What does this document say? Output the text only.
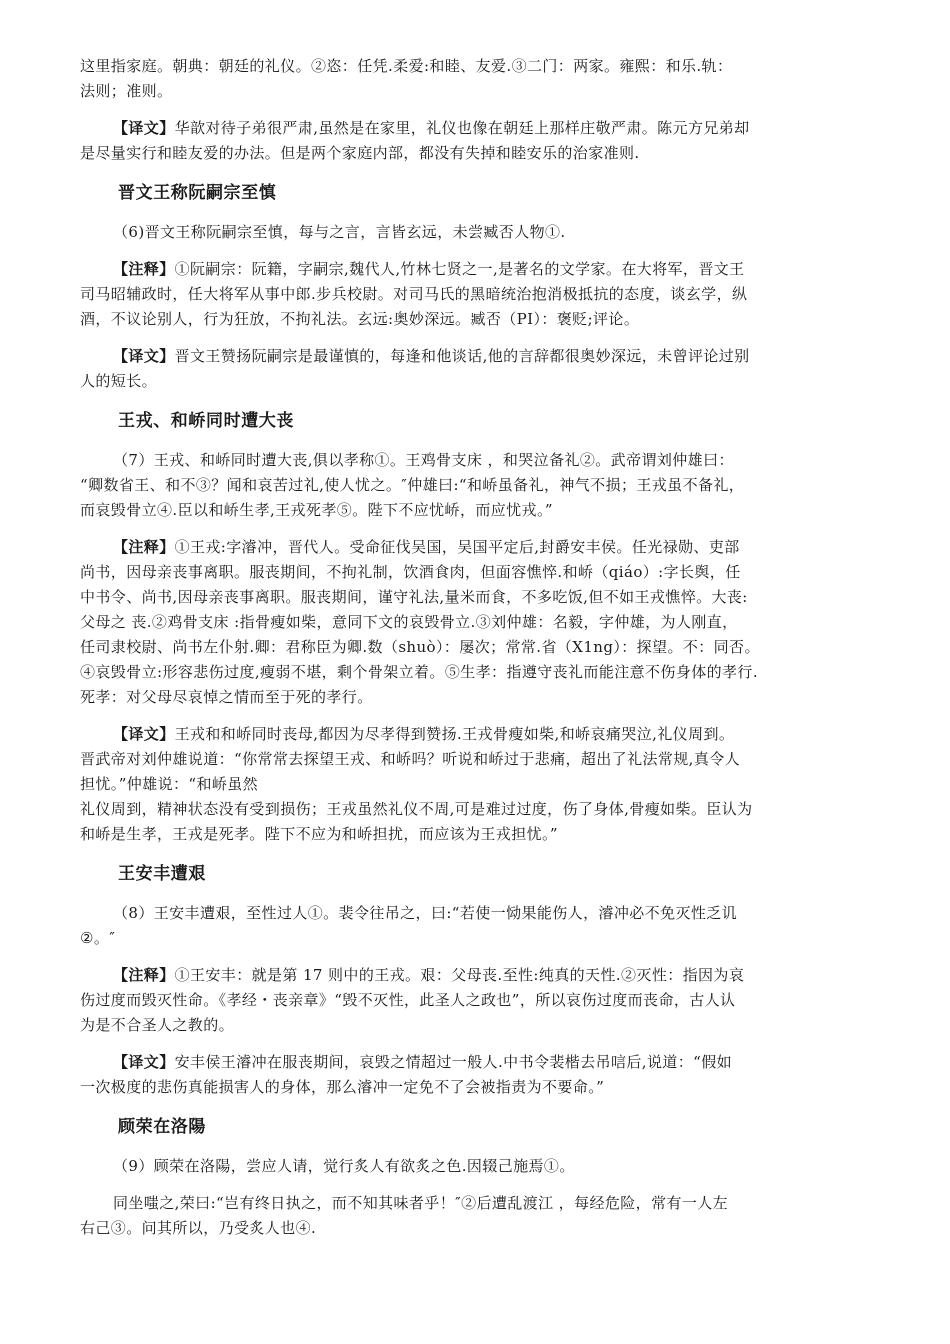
这里指家庭。朝典：朝廷的礼仪。②恣：任凭.柔爱:和睦、友爱.③二门：两家。雍熙：和乐.轨：

法则；准则。

【译文】华歆对待子弟很严肃,虽然是在家里，礼仪也像在朝廷上那样庄敬严肃。陈元方兄弟却

是尽量实行和睦友爱的办法。但是两个家庭内部，都没有失掉和睦安乐的治家准则.

晋文王称阮嗣宗至慎

（6)晋文王称阮嗣宗至慎，每与之言，言皆玄远，未尝臧否人物①.

【注释】①阮嗣宗：阮籍，字嗣宗,魏代人,竹林七贤之一,是著名的文学家。在大将军，晋文王

司马昭辅政时，任大将军从事中郎.步兵校尉。对司马氏的黑暗统治抱消极抵抗的态度，谈玄学，纵

酒，不议论别人，行为狂放，不拘礼法。玄远:奥妙深远。臧否（PI）：褒贬;评论。

【译文】晋文王赞扬阮嗣宗是最谨慎的，每逢和他谈话,他的言辞都很奥妙深远，未曾评论过别

人的短长。

王戎、和峤同时遭大丧

（7）王戎、和峤同时遭大丧,俱以孝称①。王鸡骨支床 ，和哭泣备礼②。武帝谓刘仲雄曰：

“卿数省王、和不③？闻和哀苦过礼,使人忧之。″仲雄曰:“和峤虽备礼，神气不损；王戎虽不备礼，

而哀毁骨立④.臣以和峤生孝,王戎死孝⑤。陛下不应忧峤，而应忧戎。”

【注释】①王戎:字濬冲，晋代人。受命征伐吴国，吴国平定后,封爵安丰侯。任光禄勋、吏部

尚书，因母亲丧事离职。服丧期间，不拘礼制，饮酒食肉，但面容憔悴.和峤（qiáo）:字长舆，任

中书令、尚书,因母亲丧事离职。服丧期间，谨守礼法,量米而食，不多吃饭,但不如王戎憔悴。大丧:

父母之 丧.②鸡骨支床 :指骨瘦如柴，意同下文的哀毁骨立.③刘仲雄：名毅，字仲雄，为人刚直，

任司隶校尉、尚书左仆射.卿：君称臣为卿.数（shuò）：屡次；常常.省（X1ng）：探望。不：同否。

④哀毁骨立:形容悲伤过度,瘦弱不堪，剩个骨架立着。⑤生孝：指遵守丧礼而能注意不伤身体的孝行.

死孝：对父母尽哀悼之情而至于死的孝行。

【译文】王戎和和峤同时丧母,都因为尽孝得到赞扬.王戎骨瘦如柴,和峤哀痛哭泣,礼仪周到。

晋武帝对刘仲雄说道：“你常常去探望王戎、和峤吗？听说和峤过于悲痛，超出了礼法常规,真令人

担忧。”仲雄说：“和峤虽然

礼仪周到，精神状态没有受到损伤；王戎虽然礼仪不周,可是难过过度，伤了身体,骨瘦如柴。臣认为

和峤是生孝，王戎是死孝。陛下不应为和峤担扰，而应该为王戎担忧。”

王安丰遭艰

（8）王安丰遭艰，至性过人①。裴令往吊之，曰:“若使一恸果能伤人，濬冲必不免灭性乏讥

②。″

【注释】①王安丰：就是第 17 则中的王戎。艰：父母丧.至性:纯真的天性.②灭性：指因为哀

伤过度而毁灭性命。《孝经・丧亲章》“毁不灭性，此圣人之政也”，所以哀伤过度而丧命，古人认

为是不合圣人之教的。

【译文】安丰侯王濬冲在服丧期间，哀毁之情超过一般人.中书令裴楷去吊唁后,说道：“假如

一次极度的悲伤真能损害人的身体，那么濬冲一定免不了会被指责为不要命。”

顾荣在洛陽

（9）顾荣在洛陽，尝应人请，觉行炙人有欲炙之色.因辍己施焉①。

同坐嗤之,荣曰:“岂有终日执之，而不知其味者乎！″②后遭乱渡江 ，每经危险，常有一人左

右己③。问其所以，乃受炙人也④.
